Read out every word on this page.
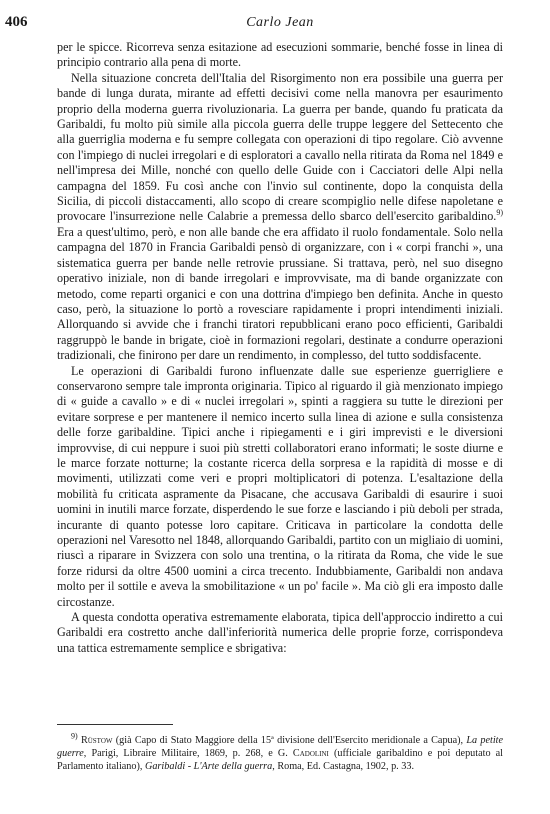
406	Carlo Jean

per le spicce. Ricorreva senza esitazione ad esecuzioni sommarie, benché fosse in linea di principio contrario alla pena di morte.

Nella situazione concreta dell'Italia del Risorgimento non era possibile una guerra per bande di lunga durata, mirante ad effetti decisivi come nella manovra per esaurimento proprio della moderna guerra rivoluzionaria. La guerra per bande, quando fu praticata da Garibaldi, fu molto più simile alla piccola guerra delle truppe leggere del Settecento che alla guerriglia moderna e fu sempre collegata con operazioni di tipo regolare. Ciò avvenne con l'impiego di nuclei irregolari e di esploratori a cavallo nella ritirata da Roma nel 1849 e nell'impresa dei Mille, nonché con quello delle Guide con i Cacciatori delle Alpi nella campagna del 1859. Fu così anche con l'invio sul continente, dopo la conquista della Sicilia, di piccoli distaccamenti, allo scopo di creare scompiglio nelle difese napoletane e provocare l'insurrezione nelle Calabrie a premessa dello sbarco dell'esercito garibaldino.$^{9)}$ Era a quest'ultimo, però, e non alle bande che era affidato il ruolo fondamentale. Solo nella campagna del 1870 in Francia Garibaldi pensò di organizzare, con i « corpi franchi », una sistematica guerra per bande nelle retrovie prussiane. Si trattava, però, nel suo disegno operativo iniziale, non di bande irregolari e improvvisate, ma di bande organizzate con metodo, come reparti organici e con una dottrina d'impiego ben definita. Anche in questo caso, però, la situazione lo portò a rovesciare rapidamente i propri intendimenti iniziali. Allorquando si avvide che i franchi tiratori repubblicani erano poco efficienti, Garibaldi raggruppò le bande in brigate, cioè in formazioni regolari, destinate a condurre operazioni tradizionali, che finirono per dare un rendimento, in complesso, del tutto soddisfacente.

Le operazioni di Garibaldi furono influenzate dalle sue esperienze guerrigliere e conservarono sempre tale impronta originaria. Tipico al riguardo il già menzionato impiego di « guide a cavallo » e di « nuclei irregolari », spinti a raggiera su tutte le direzioni per evitare sorprese e per mantenere il nemico incerto sulla linea di azione e sulla consistenza delle forze garibaldine. Tipici anche i ripiegamenti e i giri imprevisti e le diversioni improvvise, di cui neppure i suoi più stretti collaboratori erano informati; le soste diurne e le marce forzate notturne; la costante ricerca della sorpresa e la rapidità di mosse e di movimenti, utilizzati come veri e propri moltiplicatori di potenza. L'esaltazione della mobilità fu criticata aspramente da Pisacane, che accusava Garibaldi di esaurire i suoi uomini in inutili marce forzate, disperdendo le sue forze e lasciando i più deboli per strada, incurante di quanto potesse loro capitare. Criticava in particolare la condotta delle operazioni nel Varesotto nel 1848, allorquando Garibaldi, partito con un migliaio di uomini, riuscì a riparare in Svizzera con solo una trentina, o la ritirata da Roma, che vide le sue forze ridursi da oltre 4500 uomini a circa trecento. Indubbiamente, Garibaldi non andava molto per il sottile e aveva la smobilitazione « un po' facile ». Ma ciò gli era imposto dalle circostanze.

A questa condotta operativa estremamente elaborata, tipica dell'approccio indiretto a cui Garibaldi era costretto anche dall'inferiorità numerica delle proprie forze, corrispondeva una tattica estremamente semplice e sbrigativa:

$^{9)}$ Rüstow (già Capo di Stato Maggiore della 15ª divisione dell'Esercito meridionale a Capua), La petite guerre, Parigi, Libraire Militaire, 1869, p. 268, e G. Cadolini (ufficiale garibaldino e poi deputato al Parlamento italiano), Garibaldi - L'Arte della guerra, Roma, Ed. Castagna, 1902, p. 33.
